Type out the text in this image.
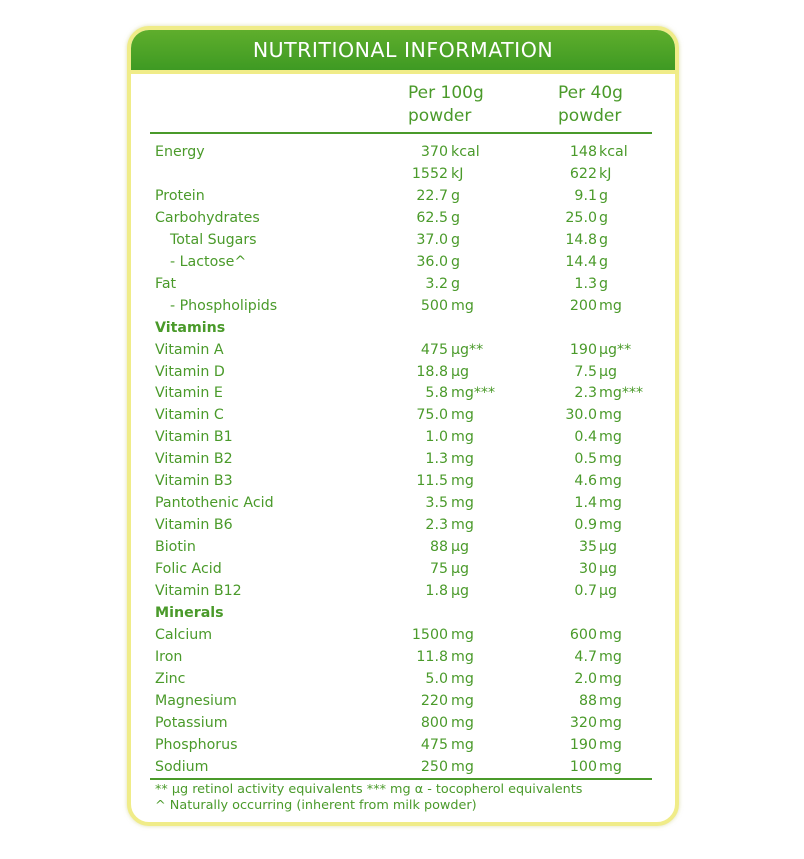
NUTRITIONAL INFORMATION
Per 100g
powder
Per 40g
powder
Energy	370 kcal	148 kcal
1552 kJ	622 kJ
Protein	22.7 g	9.1 g
Carbohydrates	62.5 g	25.0 g
Total Sugars	37.0 g	14.8 g
- Lactose^	36.0 g	14.4 g
Fat	3.2 g	1.3 g
- Phospholipids	500 mg	200 mg
Vitamins
Vitamin A	475 µg**	190 µg**
Vitamin D	18.8 µg	7.5 µg
Vitamin E	5.8 mg***	2.3 mg***
Vitamin C	75.0 mg	30.0 mg
Vitamin B1	1.0 mg	0.4 mg
Vitamin B2	1.3 mg	0.5 mg
Vitamin B3	11.5 mg	4.6 mg
Pantothenic Acid	3.5 mg	1.4 mg
Vitamin B6	2.3 mg	0.9 mg
Biotin	88 µg	35 µg
Folic Acid	75 µg	30 µg
Vitamin B12	1.8 µg	0.7 µg
Minerals
Calcium	1500 mg	600 mg
Iron	11.8 mg	4.7 mg
Zinc	5.0 mg	2.0 mg
Magnesium	220 mg	88 mg
Potassium	800 mg	320 mg
Phosphorus	475 mg	190 mg
Sodium	250 mg	100 mg
** µg retinol activity equivalents *** mg α - tocopherol equivalents
^ Naturally occurring (inherent from milk powder)
